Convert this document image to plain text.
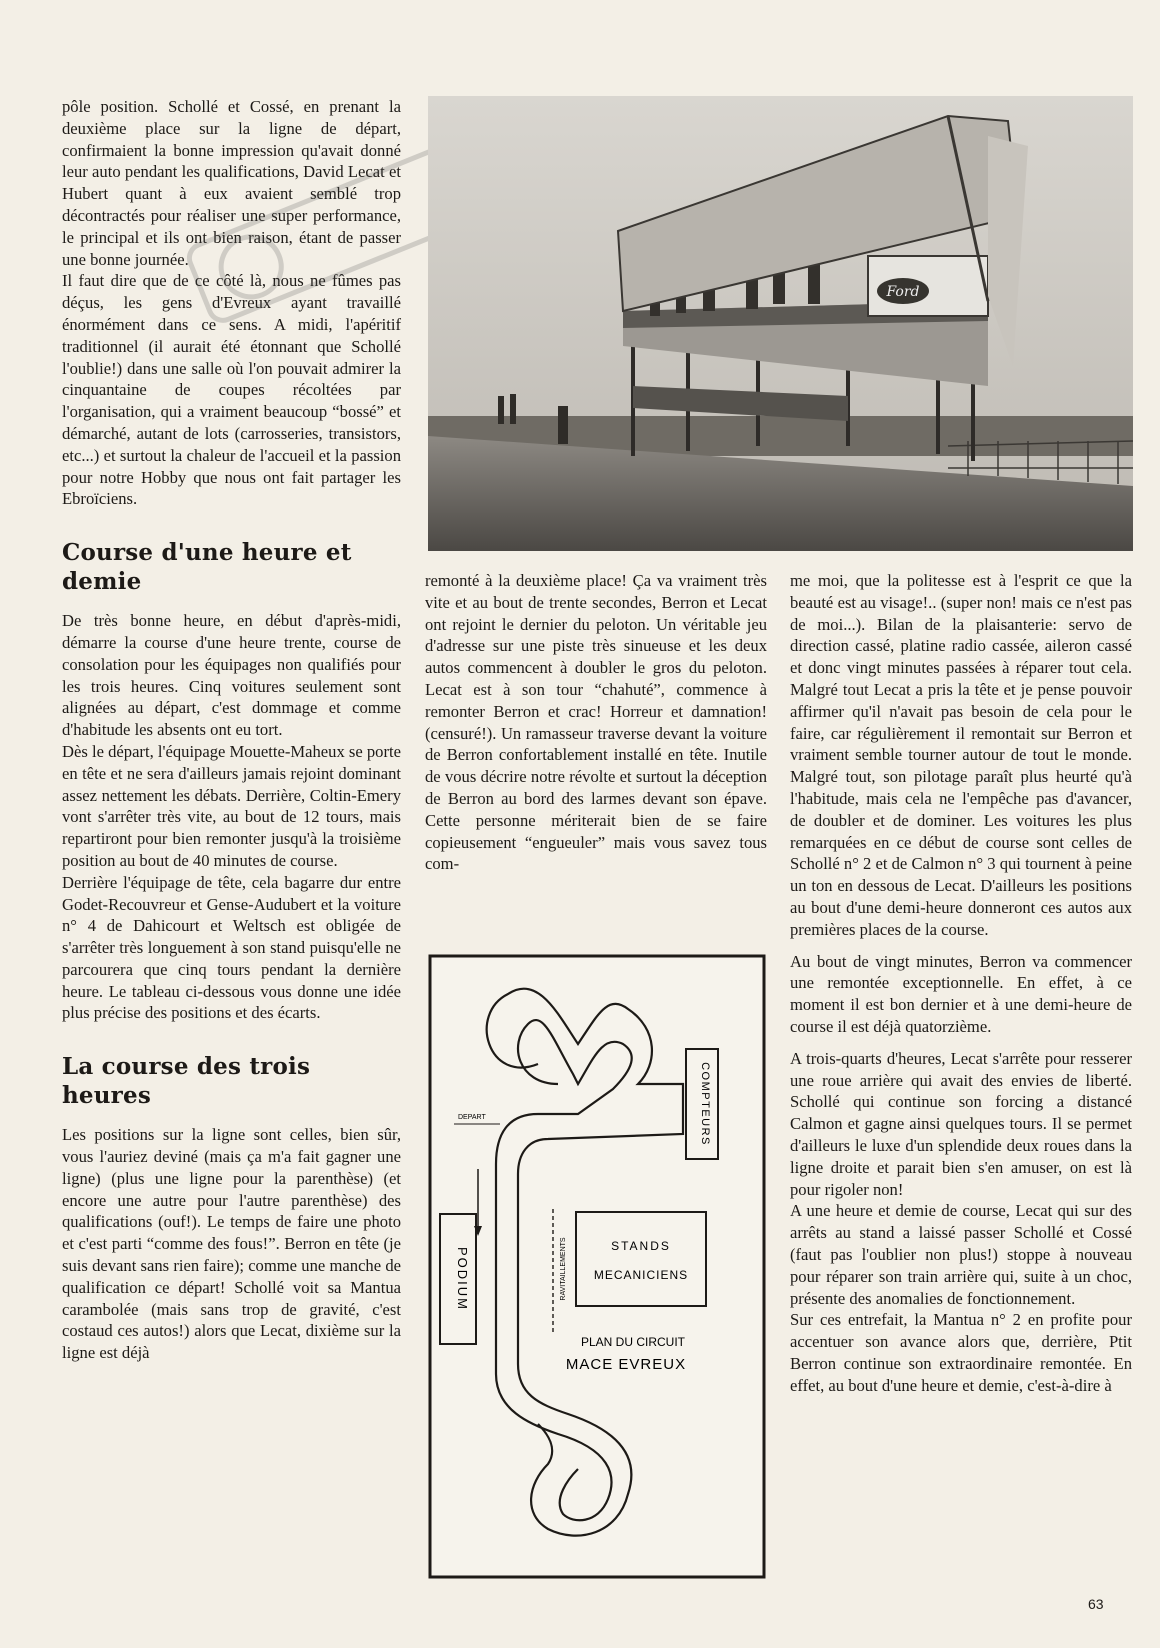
pôle position. Schollé et Cossé, en prenant la deuxième place sur la ligne de départ, confirmaient la bonne impression qu'avait donné leur auto pendant les qualifications, David Lecat et Hubert quant à eux avaient semblé trop décontractés pour réaliser une super performance, le principal et ils ont bien raison, étant de passer une bonne journée.

Il faut dire que de ce côté là, nous ne fûmes pas déçus, les gens d'Evreux ayant travaillé énormément dans ce sens. A midi, l'apéritif traditionnel (il aurait été étonnant que Schollé l'oublie!) dans une salle où l'on pouvait admirer la cinquantaine de coupes récoltées par l'organisation, qui a vraiment beaucoup “bossé” et démarché, autant de lots (carrosseries, transistors, etc...) et surtout la chaleur de l'accueil et la passion pour notre Hobby que nous ont fait partager les Ebroïciens.

Course d'une heure et demie

De très bonne heure, en début d'après-midi, démarre la course d'une heure trente, course de consolation pour les équipages non qualifiés pour les trois heures. Cinq voitures seulement sont alignées au départ, c'est dommage et comme d'habitude les absents ont eu tort.

Dès le départ, l'équipage Mouette-Maheux se porte en tête et ne sera d'ailleurs jamais rejoint dominant assez nettement les débats. Derrière, Coltin-Emery vont s'arrêter très vite, au bout de 12 tours, mais repartiront pour bien remonter jusqu'à la troisième position au bout de 40 minutes de course.

Derrière l'équipage de tête, cela bagarre dur entre Godet-Recouvreur et Gense-Audubert et la voiture n° 4 de Dahicourt et Weltsch est obligée de s'arrêter très longuement à son stand puisqu'elle ne parcourera que cinq tours pendant la dernière heure. Le tableau ci-dessous vous donne une idée plus précise des positions et des écarts.

La course des trois heures

Les positions sur la ligne sont celles, bien sûr, vous l'auriez deviné (mais ça m'a fait gagner une ligne) (plus une ligne pour la parenthèse) (et encore une autre pour l'autre parenthèse) des qualifications (ouf!). Le temps de faire une photo et c'est parti “comme des fous!”. Berron en tête (je suis devant sans rien faire); comme une manche de qualification ce départ! Schollé voit sa Mantua carambolée (mais sans trop de gravité, c'est costaud ces autos!) alors que Lecat, dixième sur la ligne est déjà

Ford

remonté à la deuxième place! Ça va vraiment très vite et au bout de trente secondes, Berron et Lecat ont rejoint le dernier du peloton. Un véritable jeu d'adresse sur une piste très sinueuse et les deux autos commencent à doubler le gros du peloton. Lecat est à son tour “chahuté”, commence à remonter Berron et crac! Horreur et damnation! (censuré!). Un ramasseur traverse devant la voiture de Berron confortablement installé en tête. Inutile de vous décrire notre révolte et surtout la déception de Berron au bord des larmes devant son épave. Cette personne mériterait bien de se faire copieusement “engueuler” mais vous savez tous com-

PODIUM
COMPTEURS
DEPART
RAVITAILLEMENTS	STANDS
MECANICIENS
PLAN DU CIRCUIT
MACE EVREUX

me moi, que la politesse est à l'esprit ce que la beauté est au visage!.. (super non! mais ce n'est pas de moi...). Bilan de la plaisanterie: servo de direction cassé, platine radio cassée, aileron cassé et donc vingt minutes passées à réparer tout cela. Malgré tout Lecat a pris la tête et je pense pouvoir affirmer qu'il n'avait pas besoin de cela pour le faire, car régulièrement il remontait sur Berron et vraiment semble tourner autour de tout le monde. Malgré tout, son pilotage paraît plus heurté qu'à l'habitude, mais cela ne l'empêche pas d'avancer, de doubler et de dominer. Les voitures les plus remarquées en ce début de course sont celles de Schollé n° 2 et de Calmon n° 3 qui tournent à peine un ton en dessous de Lecat. D'ailleurs les positions au bout d'une demi-heure donneront ces autos aux premières places de la course.

Au bout de vingt minutes, Berron va commencer une remontée exceptionnelle. En effet, à ce moment il est bon dernier et à une demi-heure de course il est déjà quatorzième.

A trois-quarts d'heures, Lecat s'arrête pour resserer une roue arrière qui avait des envies de liberté. Schollé qui continue son forcing a distancé Calmon et gagne ainsi quelques tours. Il se permet d'ailleurs le luxe d'un splendide deux roues dans la ligne droite et parait bien s'en amuser, on est là pour rigoler non!

A une heure et demie de course, Lecat qui sur des arrêts au stand a laissé passer Schollé et Cossé (faut pas l'oublier non plus!) stoppe à nouveau pour réparer son train arrière qui, suite à un choc, présente des anomalies de fonctionnement.

Sur ces entrefait, la Mantua n° 2 en profite pour accentuer son avance alors que, derrière, Ptit Berron continue son extraordinaire remontée. En effet, au bout d'une heure et demie, c'est-à-dire à

63
